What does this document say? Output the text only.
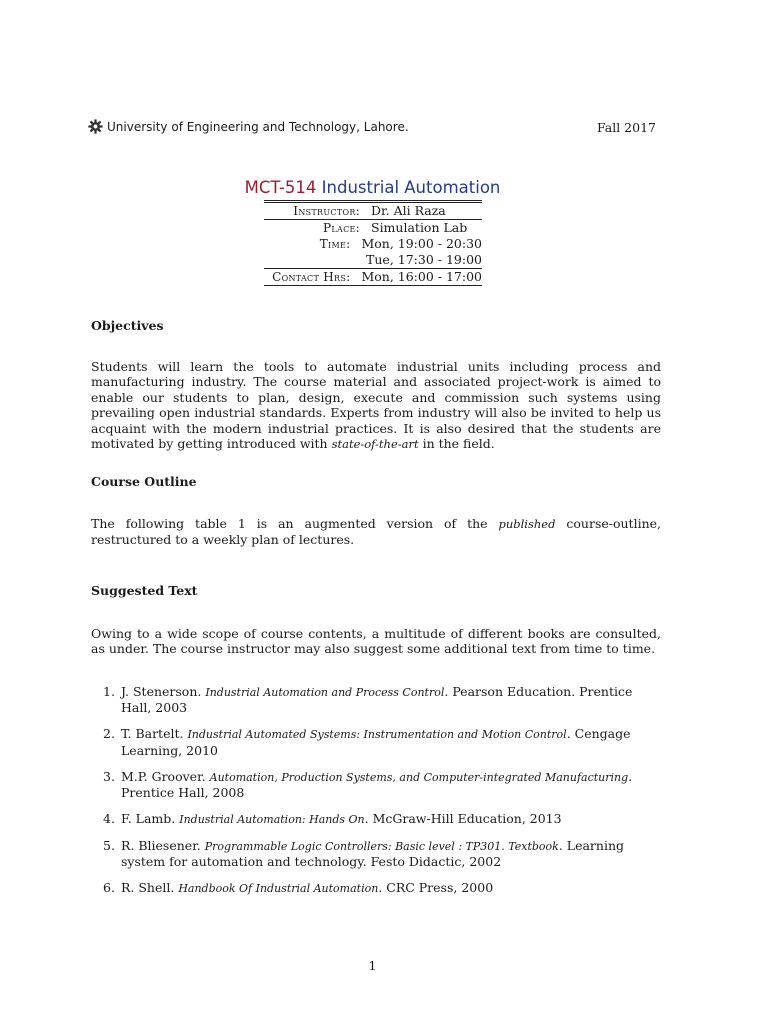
University of Engineering and Technology, Lahore.	Fall 2017
MCT-514 Industrial Automation
Instructor: Dr. Ali Raza
Place: Simulation Lab
Time: Mon, 19:00 - 20:30
Tue, 17:30 - 19:00
Contact Hrs: Mon, 16:00 - 17:00
Objectives
Students will learn the tools to automate industrial units including process and manufacturing industry. The course material and associated project-work is aimed to enable our students to plan, design, execute and commission such systems using prevailing open industrial standards. Experts from industry will also be invited to help us acquaint with the modern industrial practices. It is also desired that the students are motivated by getting introduced with state-of-the-art in the field.
Course Outline
The following table 1 is an augmented version of the published course-outline, restructured to a weekly plan of lectures.
Suggested Text
Owing to a wide scope of course contents, a multitude of different books are consulted, as under. The course instructor may also suggest some additional text from time to time.
1. J. Stenerson. Industrial Automation and Process Control. Pearson Education. Prentice Hall, 2003
2. T. Bartelt. Industrial Automated Systems: Instrumentation and Motion Control. Cengage Learning, 2010
3. M.P. Groover. Automation, Production Systems, and Computer-integrated Manufacturing. Prentice Hall, 2008
4. F. Lamb. Industrial Automation: Hands On. McGraw-Hill Education, 2013
5. R. Bliesener. Programmable Logic Controllers: Basic level : TP301. Textbook. Learning system for automation and technology. Festo Didactic, 2002
6. R. Shell. Handbook Of Industrial Automation. CRC Press, 2000
1
